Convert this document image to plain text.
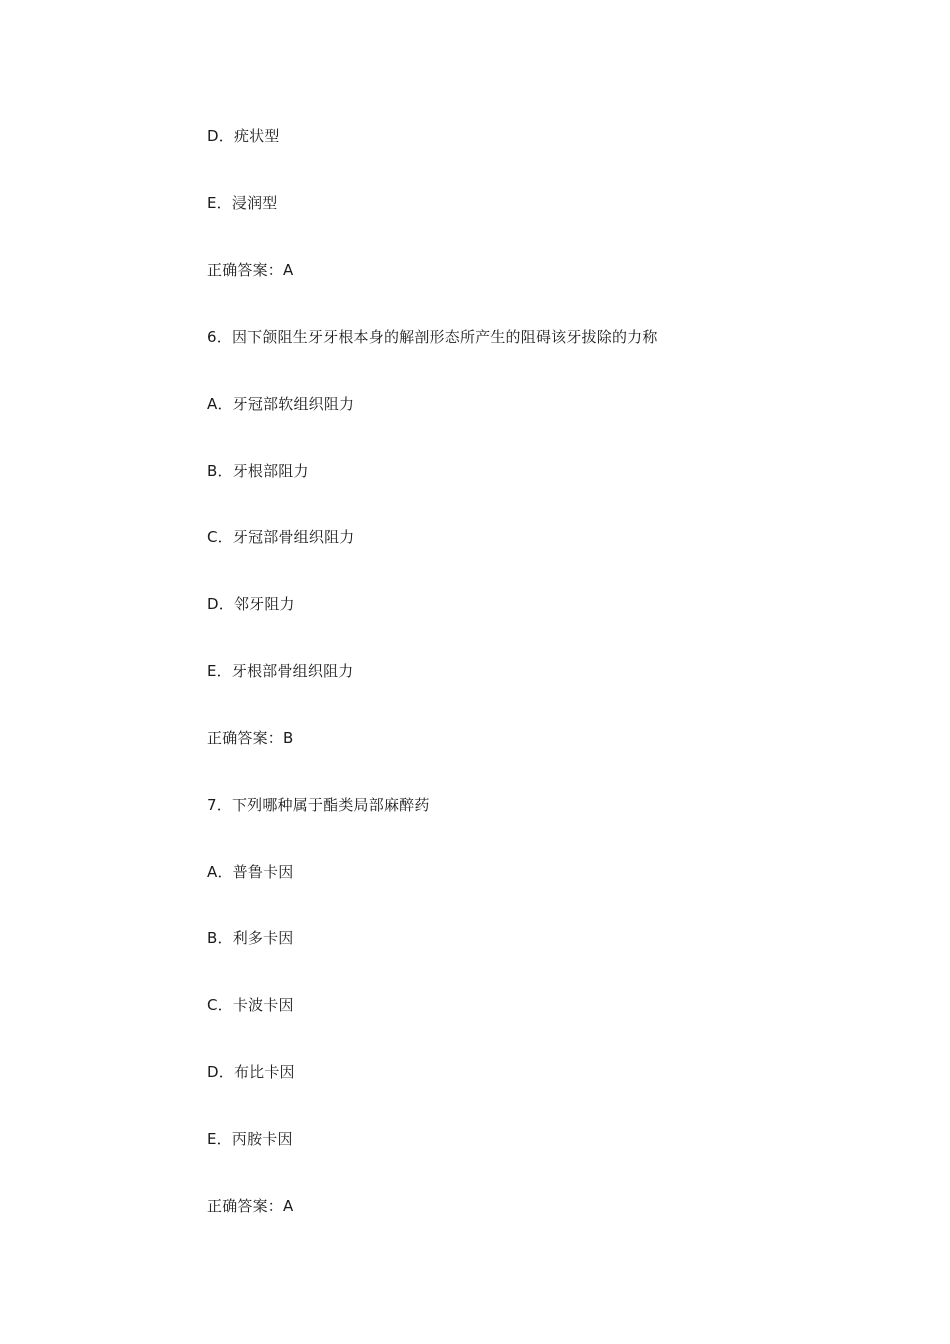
D．疣状型
E．浸润型
正确答案：A
6．因下颌阻生牙牙根本身的解剖形态所产生的阻碍该牙拔除的力称
A．牙冠部软组织阻力
B．牙根部阻力
C．牙冠部骨组织阻力
D．邻牙阻力
E．牙根部骨组织阻力
正确答案：B
7．下列哪种属于酯类局部麻醉药
A．普鲁卡因
B．利多卡因
C．卡波卡因
D．布比卡因
E．丙胺卡因
正确答案：A
